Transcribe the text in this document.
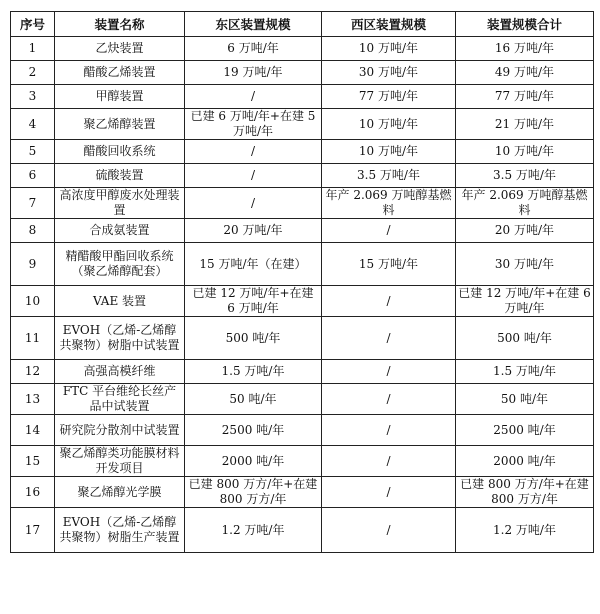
序号	装置名称	东区装置规模	西区装置规模	装置规模合计
1	乙炔装置	6 万吨/年	10 万吨/年	16 万吨/年
2	醋酸乙烯装置	19 万吨/年	30 万吨/年	49 万吨/年
3	甲醇装置	/	77 万吨/年	77 万吨/年
4	聚乙烯醇装置	已建 6 万吨/年+在建 5 万吨/年	10 万吨/年	21 万吨/年
5	醋酸回收系统	/	10 万吨/年	10 万吨/年
6	硫酸装置	/	3.5 万吨/年	3.5 万吨/年
7	高浓度甲醇废水处理装置	/	年产 2.069 万吨醇基燃料	年产 2.069 万吨醇基燃料
8	合成氨装置	20 万吨/年	/	20 万吨/年
9	精醋酸甲酯回收系统（聚乙烯醇配套）	15 万吨/年（在建）	15 万吨/年	30 万吨/年
10	VAE 装置	已建 12 万吨/年+在建 6 万吨/年	/	已建 12 万吨/年+在建 6 万吨/年
11	EVOH（乙烯-乙烯醇共聚物）树脂中试装置	500 吨/年	/	500 吨/年
12	高强高模纤维	1.5 万吨/年	/	1.5 万吨/年
13	FTC 平台维纶长丝产品中试装置	50 吨/年	/	50 吨/年
14	研究院分散剂中试装置	2500 吨/年	/	2500 吨/年
15	聚乙烯醇类功能膜材料开发项目	2000 吨/年	/	2000 吨/年
16	聚乙烯醇光学膜	已建 800 万方/年+在建 800 万方/年	/	已建 800 万方/年+在建 800 万方/年
17	EVOH（乙烯-乙烯醇共聚物）树脂生产装置	1.2 万吨/年	/	1.2 万吨/年
